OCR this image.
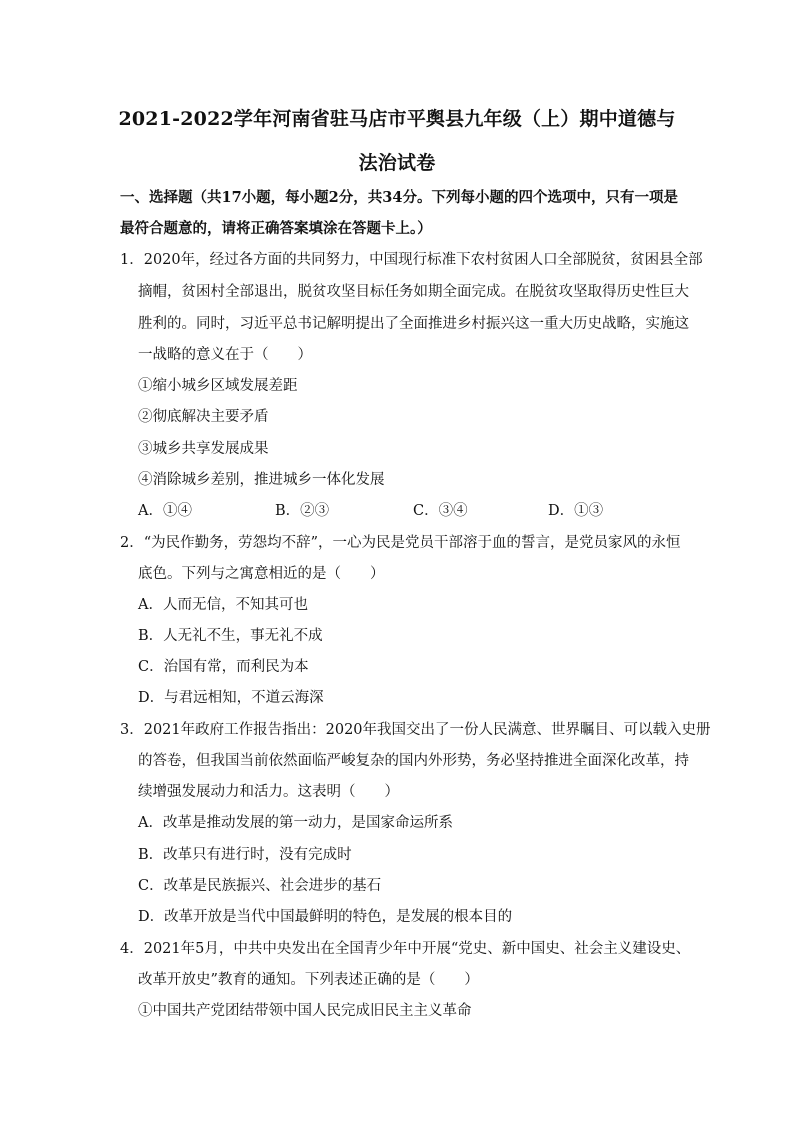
2021-2022学年河南省驻马店市平舆县九年级（上）期中道德与
法治试卷
一、选择题（共17小题，每小题2分，共34分。下列每小题的四个选项中，只有一项是
最符合题意的，请将正确答案填涂在答题卡上。）
1．2020年，经过各方面的共同努力，中国现行标准下农村贫困人口全部脱贫，贫困县全部
摘帽，贫困村全部退出，脱贫攻坚目标任务如期全面完成。在脱贫攻坚取得历史性巨大
胜利的。同时，习近平总书记解明提出了全面推进乡村振兴这一重大历史战略，实施这
一战略的意义在于（　　）
①缩小城乡区域发展差距
②彻底解决主要矛盾
③城乡共享发展成果
④消除城乡差别，推进城乡一体化发展
A．①④	B．②③	C．③④	D．①③
2．“为民作勤务，劳怨均不辞”，一心为民是党员干部溶于血的誓言，是党员家风的永恒
底色。下列与之寓意相近的是（　　）
A．人而无信，不知其可也
B．人无礼不生，事无礼不成
C．治国有常，而利民为本
D．与君远相知，不道云海深
3．2021年政府工作报告指出：2020年我国交出了一份人民满意、世界瞩目、可以载入史册
的答卷，但我国当前依然面临严峻复杂的国内外形势，务必坚持推进全面深化改革，持
续增强发展动力和活力。这表明（　　）
A．改革是推动发展的第一动力，是国家命运所系
B．改革只有进行时，没有完成时
C．改革是民族振兴、社会进步的基石
D．改革开放是当代中国最鲜明的特色，是发展的根本目的
4．2021年5月，中共中央发出在全国青少年中开展“党史、新中国史、社会主义建设史、
改革开放史”教育的通知。下列表述正确的是（　　）
①中国共产党团结带领中国人民完成旧民主主义革命
